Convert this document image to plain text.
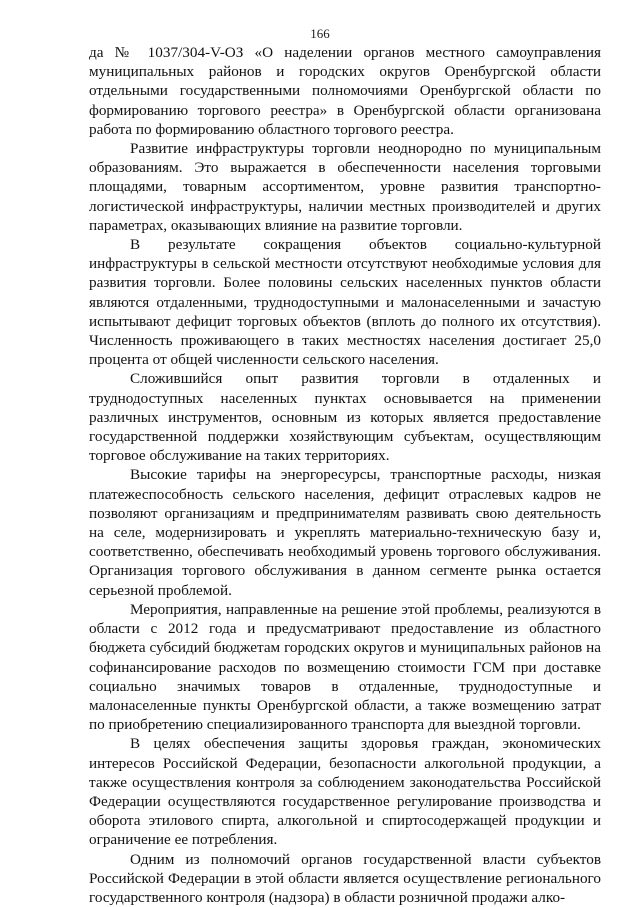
166

да № 1037/304-V-ОЗ «О наделении органов местного самоуправления муниципальных районов и городских округов Оренбургской области отдельными государственными полномочиями Оренбургской области по формированию торгового реестра» в Оренбургской области организована работа по формированию областного торгового реестра.

Развитие инфраструктуры торговли неоднородно по муниципальным образованиям. Это выражается в обеспеченности населения торговыми площадями, товарным ассортиментом, уровне развития транспортно-логистической инфраструктуры, наличии местных производителей и других параметрах, оказывающих влияние на развитие торговли.

В результате сокращения объектов социально-культурной инфраструктуры в сельской местности отсутствуют необходимые условия для развития торговли. Более половины сельских населенных пунктов области являются отдаленными, труднодоступными и малонаселенными и зачастую испытывают дефицит торговых объектов (вплоть до полного их отсутствия). Численность проживающего в таких местностях населения достигает 25,0 процента от общей численности сельского населения.

Сложившийся опыт развития торговли в отдаленных и труднодоступных населенных пунктах основывается на применении различных инструментов, основным из которых является предоставление государственной поддержки хозяйствующим субъектам, осуществляющим торговое обслуживание на таких территориях.

Высокие тарифы на энергоресурсы, транспортные расходы, низкая платежеспособность сельского населения, дефицит отраслевых кадров не позволяют организациям и предпринимателям развивать свою деятельность на селе, модернизировать и укреплять материально-техническую базу и, соответственно, обеспечивать необходимый уровень торгового обслуживания. Организация торгового обслуживания в данном сегменте рынка остается серьезной проблемой.

Мероприятия, направленные на решение этой проблемы, реализуются в области с 2012 года и предусматривают предоставление из областного бюджета субсидий бюджетам городских округов и муниципальных районов на софинансирование расходов по возмещению стоимости ГСМ при доставке социально значимых товаров в отдаленные, труднодоступные и малонаселенные пункты Оренбургской области, а также возмещению затрат по приобретению специализированного транспорта для выездной торговли.

В целях обеспечения защиты здоровья граждан, экономических интересов Российской Федерации, безопасности алкогольной продукции, а также осуществления контроля за соблюдением законодательства Российской Федерации осуществляются государственное регулирование производства и оборота этилового спирта, алкогольной и спиртосодержащей продукции и ограничение ее потребления.

Одним из полномочий органов государственной власти субъектов Российской Федерации в этой области является осуществление регионального государственного контроля (надзора) в области розничной продажи алко-
